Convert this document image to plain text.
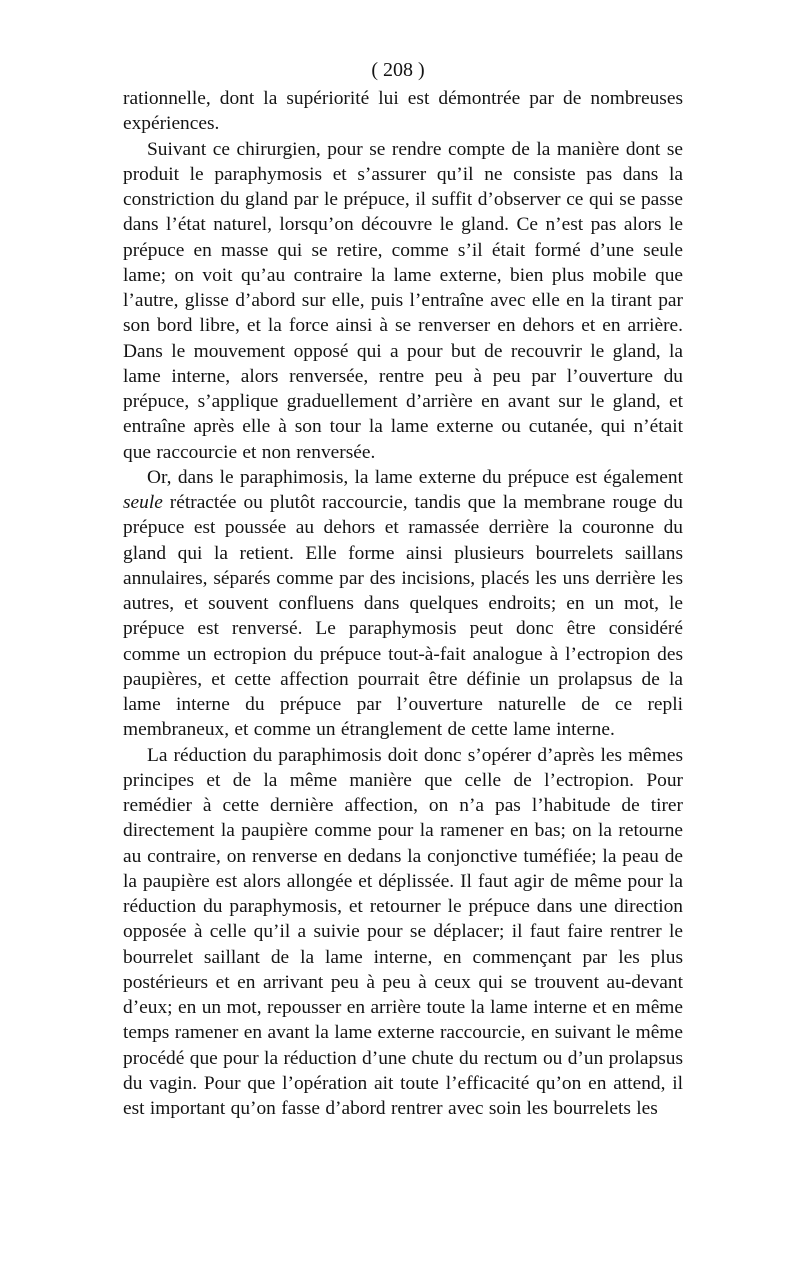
( 208 )

rationnelle, dont la supériorité lui est démontrée par de nombreuses expériences.

Suivant ce chirurgien, pour se rendre compte de la manière dont se produit le paraphymosis et s’assurer qu’il ne consiste pas dans la constriction du gland par le prépuce, il suffit d’observer ce qui se passe dans l’état naturel, lorsqu’on découvre le gland. Ce n’est pas alors le prépuce en masse qui se retire, comme s’il était formé d’une seule lame; on voit qu’au contraire la lame externe, bien plus mobile que l’autre, glisse d’abord sur elle, puis l’entraîne avec elle en la tirant par son bord libre, et la force ainsi à se renverser en dehors et en arrière. Dans le mouvement opposé qui a pour but de recouvrir le gland, la lame interne, alors renversée, rentre peu à peu par l’ouverture du prépuce, s’applique graduellement d’arrière en avant sur le gland, et entraîne après elle à son tour la lame externe ou cutanée, qui n’était que raccourcie et non renversée.

Or, dans le paraphimosis, la lame externe du prépuce est également seule rétractée ou plutôt raccourcie, tandis que la membrane rouge du prépuce est poussée au dehors et ramassée derrière la couronne du gland qui la retient. Elle forme ainsi plusieurs bourrelets saillans annulaires, séparés comme par des incisions, placés les uns derrière les autres, et souvent confluens dans quelques endroits; en un mot, le prépuce est renversé. Le paraphymosis peut donc être considéré comme un ectropion du prépuce tout-à-fait analogue à l’ectropion des paupières, et cette affection pourrait être définie un prolapsus de la lame interne du prépuce par l’ouverture naturelle de ce repli membraneux, et comme un étranglement de cette lame interne.

La réduction du paraphimosis doit donc s’opérer d’après les mêmes principes et de la même manière que celle de l’ectropion. Pour remédier à cette dernière affection, on n’a pas l’habitude de tirer directement la paupière comme pour la ramener en bas; on la retourne au contraire, on renverse en dedans la conjonctive tuméfiée; la peau de la paupière est alors allongée et déplissée. Il faut agir de même pour la réduction du paraphymosis, et retourner le prépuce dans une direction opposée à celle qu’il a suivie pour se déplacer; il faut faire rentrer le bourrelet saillant de la lame interne, en commençant par les plus postérieurs et en arrivant peu à peu à ceux qui se trouvent au-devant d’eux; en un mot, repousser en arrière toute la lame interne et en même temps ramener en avant la lame externe raccourcie, en suivant le même procédé que pour la réduction d’une chute du rectum ou d’un prolapsus du vagin. Pour que l’opération ait toute l’efficacité qu’on en attend, il est important qu’on fasse d’abord rentrer avec soin les bourrelets les
